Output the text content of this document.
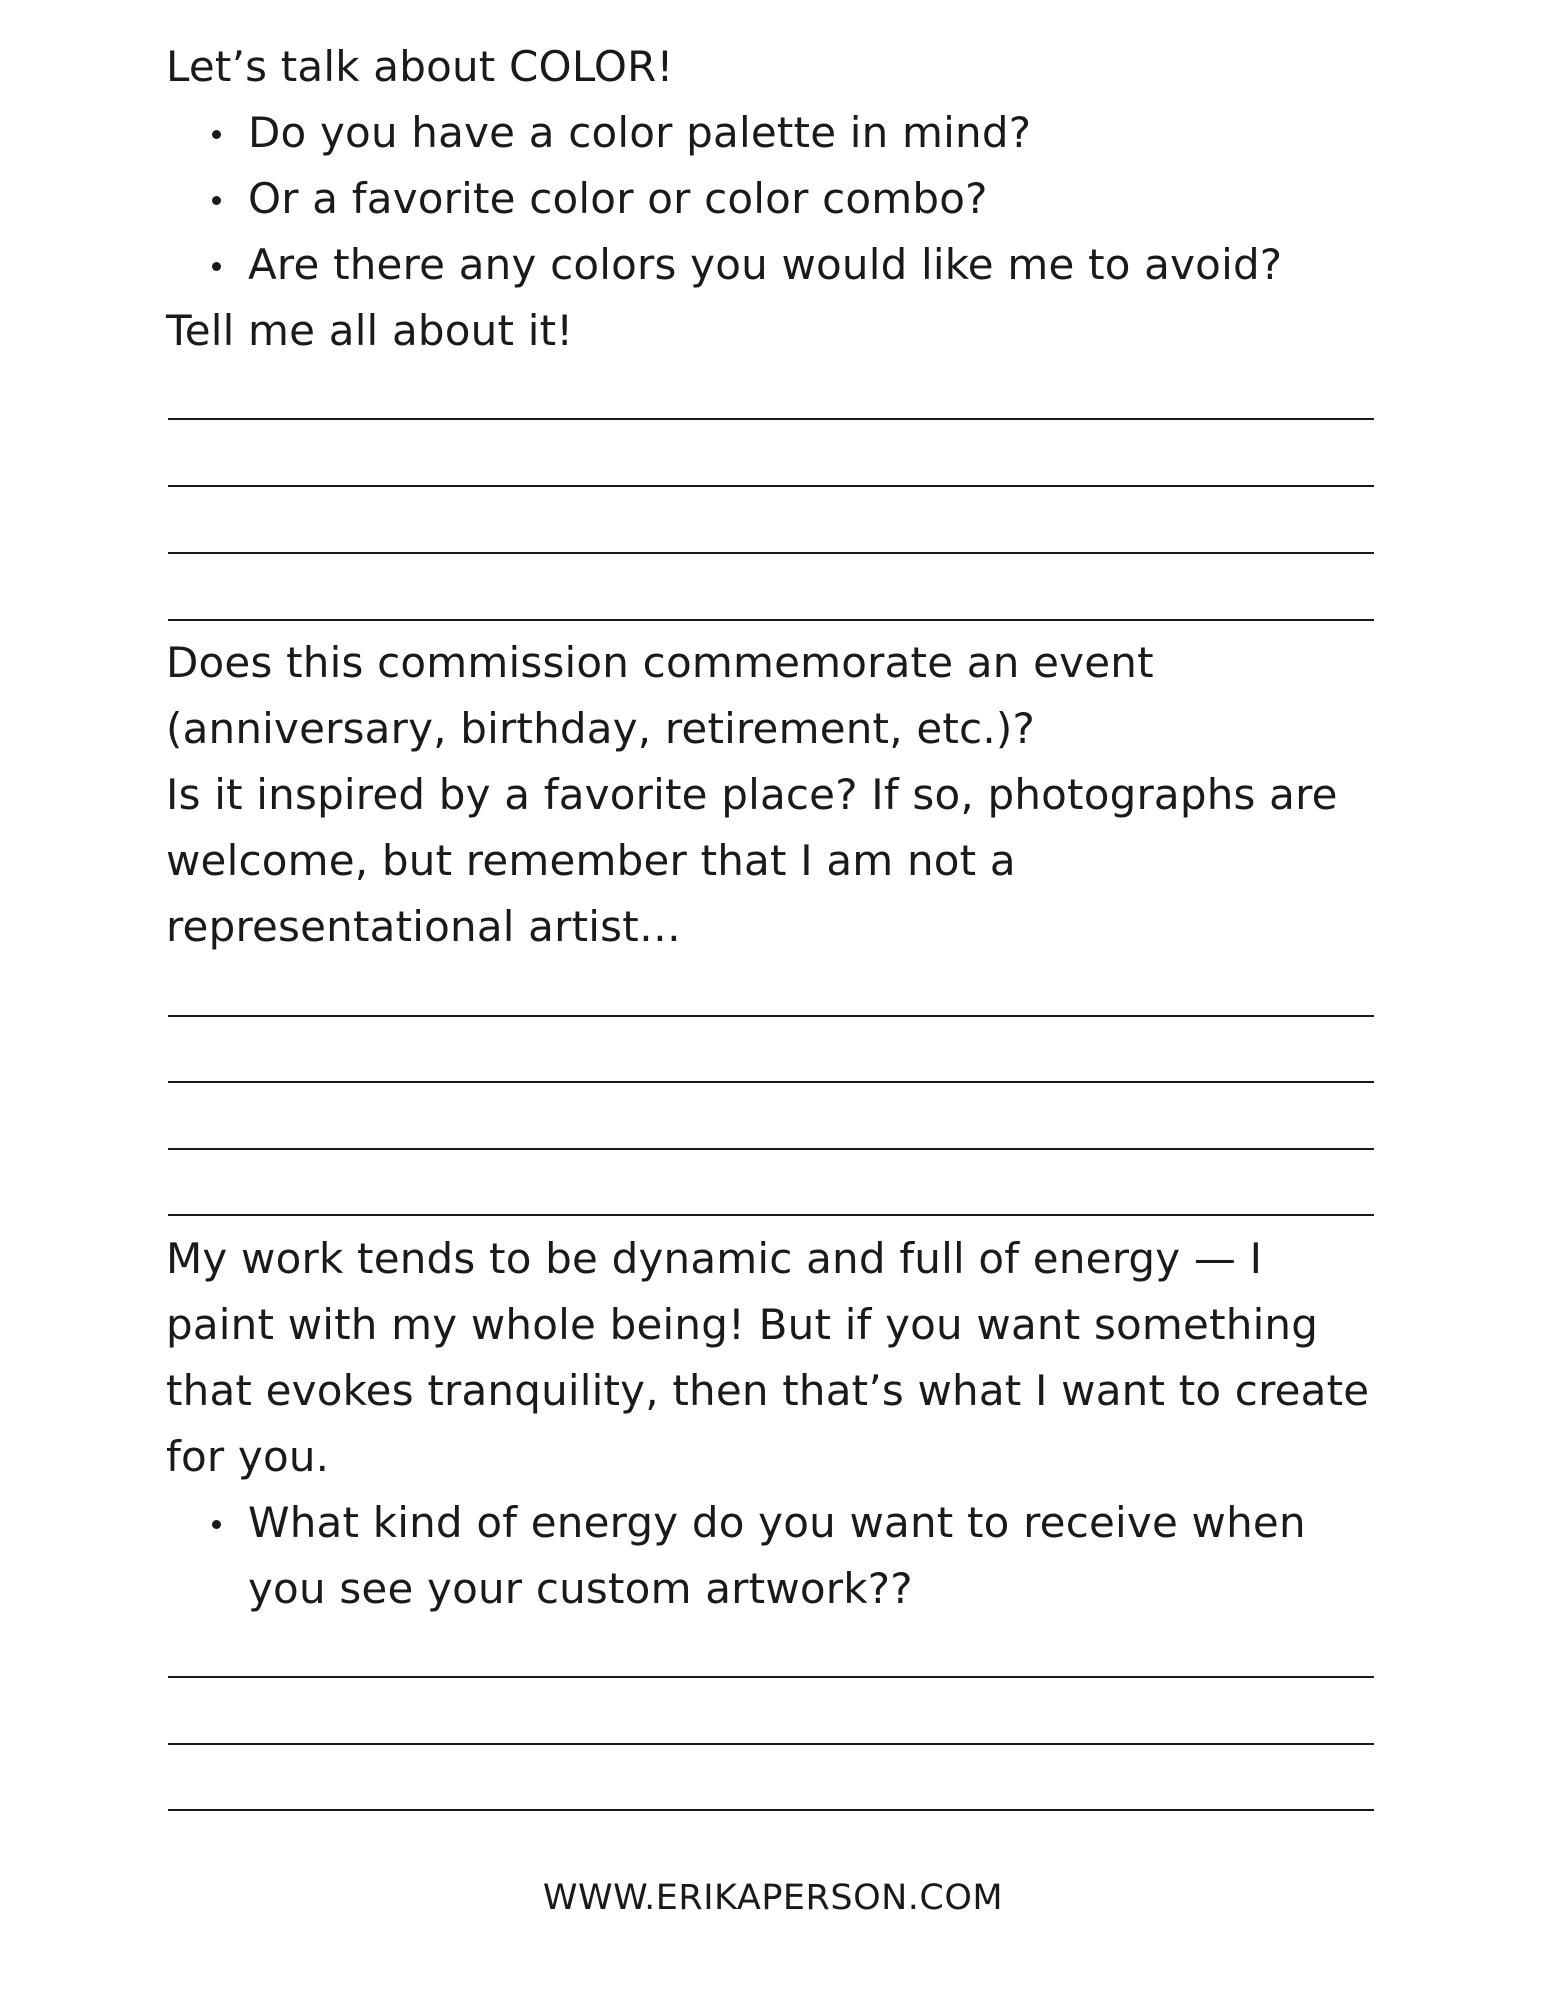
Let’s talk about COLOR!

Do you have a color palette in mind?
Or a favorite color or color combo?
Are there any colors you would like me to avoid?

Tell me all about it!

Does this commission commemorate an event (anniversary, birthday, retirement, etc.)?

Is it inspired by a favorite place? If so, photographs are welcome, but remember that I am not a representational artist…

My work tends to be dynamic and full of energy — I paint with my whole being! But if you want something that evokes tranquility, then that’s what I want to create for you.

What kind of energy do you want to receive when you see your custom artwork??
WWW.ERIKAPERSON.COM
